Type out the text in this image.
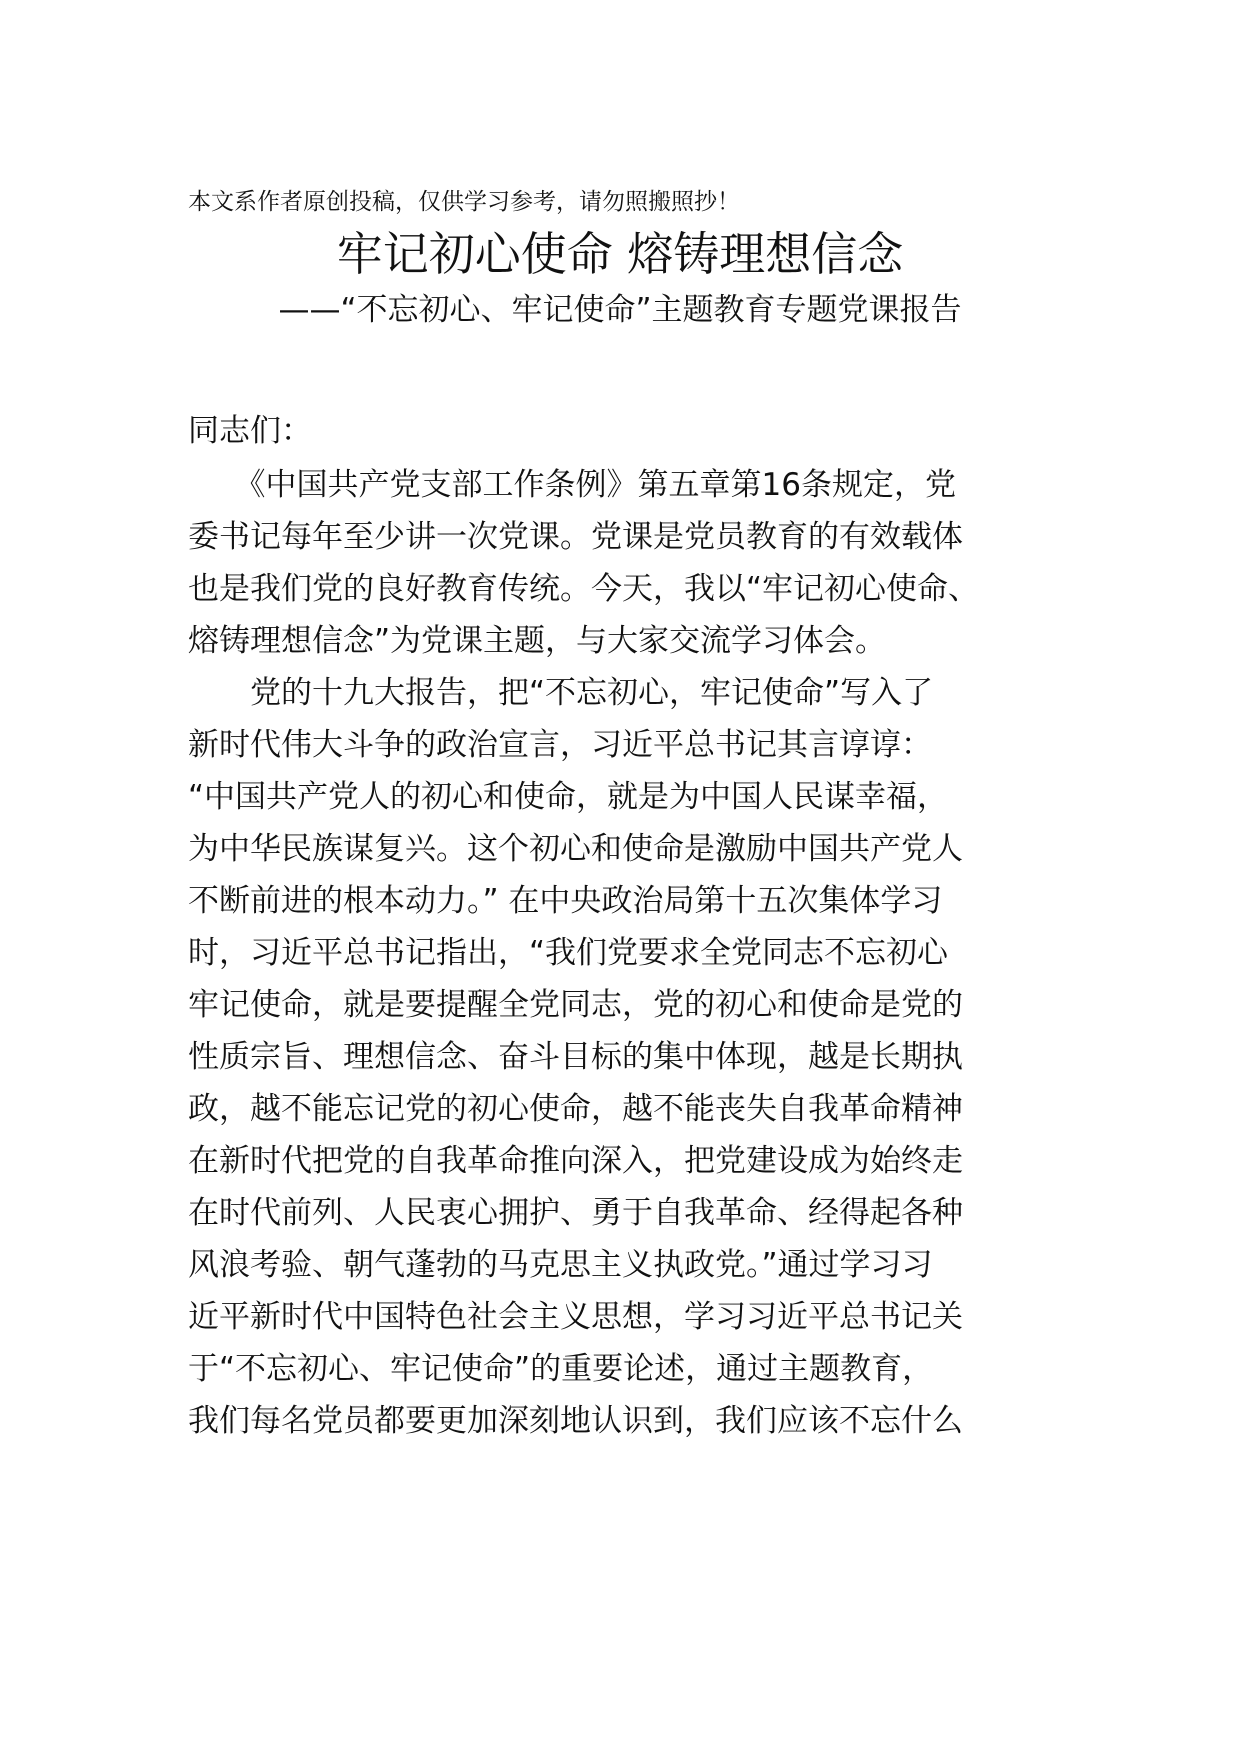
本文系作者原创投稿，仅供学习参考，请勿照搬照抄！
牢记初心使命 熔铸理想信念
——“不忘初心、牢记使命”主题教育专题党课报告
同志们：
　　《中国共产党支部工作条例》第五章第16条规定，党
委书记每年至少讲一次党课。党课是党员教育的有效载体
也是我们党的良好教育传统。今天，我以“牢记初心使命、
熔铸理想信念”为党课主题，与大家交流学习体会。
　　党的十九大报告，把“不忘初心，牢记使命”写入了
新时代伟大斗争的政治宣言，习近平总书记其言谆谆：
“中国共产党人的初心和使命，就是为中国人民谋幸福，
为中华民族谋复兴。这个初心和使命是激励中国共产党人
不断前进的根本动力。” 在中央政治局第十五次集体学习
时，习近平总书记指出，“我们党要求全党同志不忘初心
牢记使命，就是要提醒全党同志，党的初心和使命是党的
性质宗旨、理想信念、奋斗目标的集中体现，越是长期执
政，越不能忘记党的初心使命，越不能丧失自我革命精神
在新时代把党的自我革命推向深入，把党建设成为始终走
在时代前列、人民衷心拥护、勇于自我革命、经得起各种
风浪考验、朝气蓬勃的马克思主义执政党。”通过学习习
近平新时代中国特色社会主义思想，学习习近平总书记关
于“不忘初心、牢记使命”的重要论述，通过主题教育，
我们每名党员都要更加深刻地认识到，我们应该不忘什么
